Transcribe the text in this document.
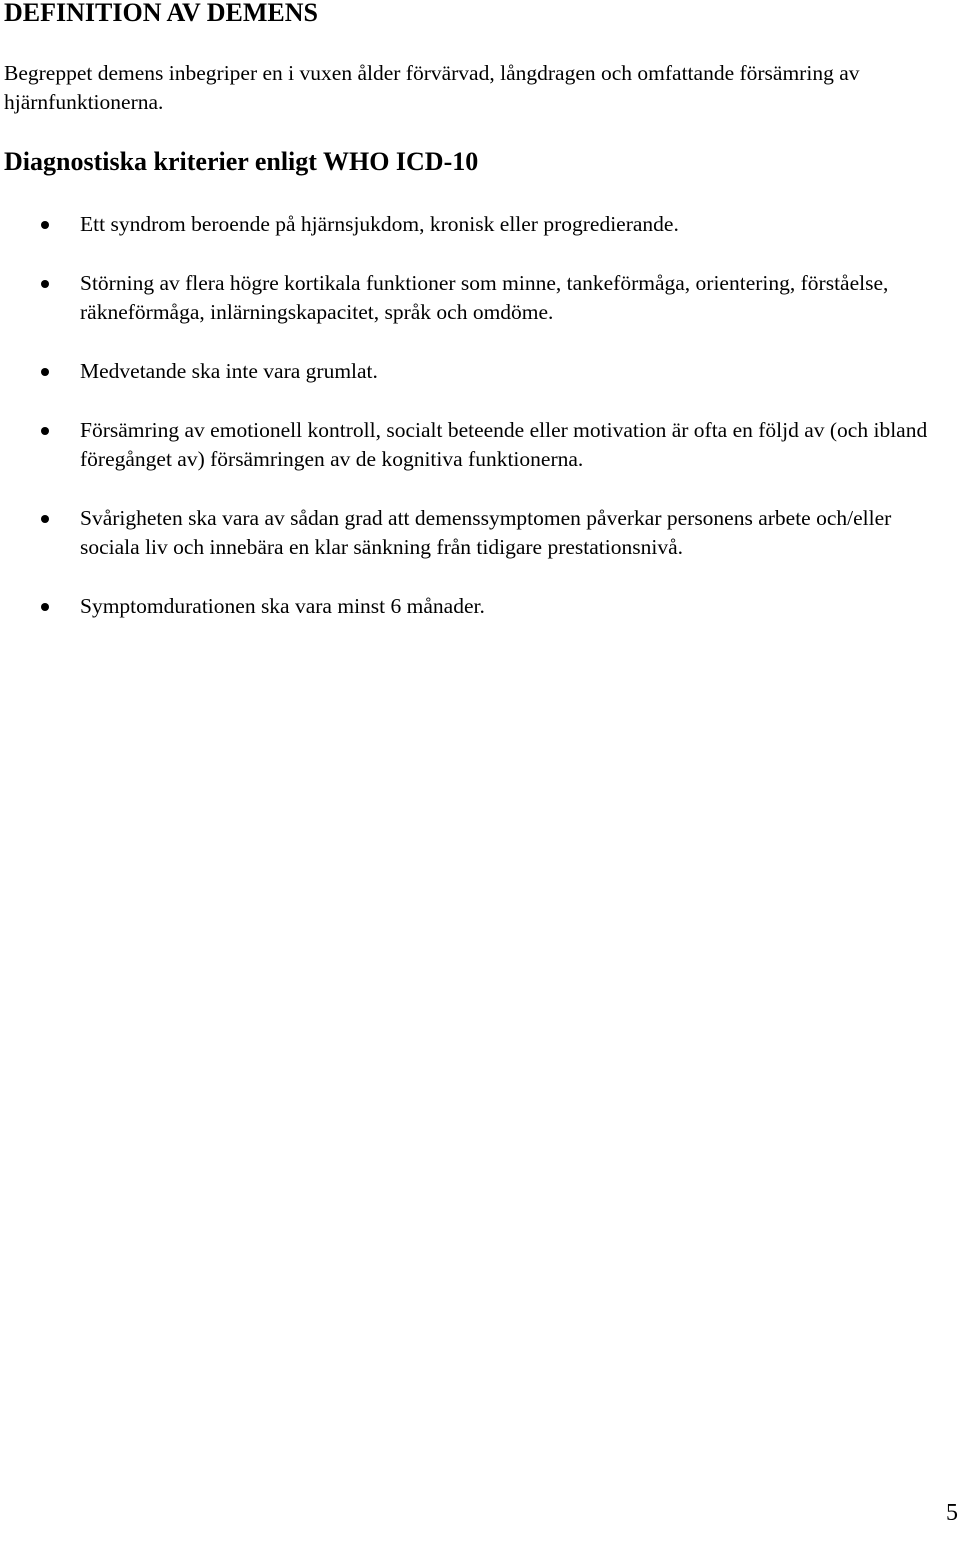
DEFINITION AV DEMENS

Begreppet demens inbegriper en i vuxen ålder förvärvad, långdragen och omfattande försämring av hjärnfunktionerna.

Diagnostiska kriterier enligt WHO ICD-10
Ett syndrom beroende på hjärnsjukdom, kronisk eller progredierande.
Störning av flera högre kortikala funktioner som minne, tankeförmåga, orientering, förståelse, räkneförmåga, inlärningskapacitet, språk och omdöme.
Medvetande ska inte vara grumlat.
Försämring av emotionell kontroll, socialt beteende eller motivation är ofta en följd av (och ibland föregånget av) försämringen av de kognitiva funktionerna.
Svårigheten ska vara av sådan grad att demenssymptomen påverkar personens arbete och/eller sociala liv och innebära en klar sänkning från tidigare prestationsnivå.
Symptomdurationen ska vara minst 6 månader.
5
